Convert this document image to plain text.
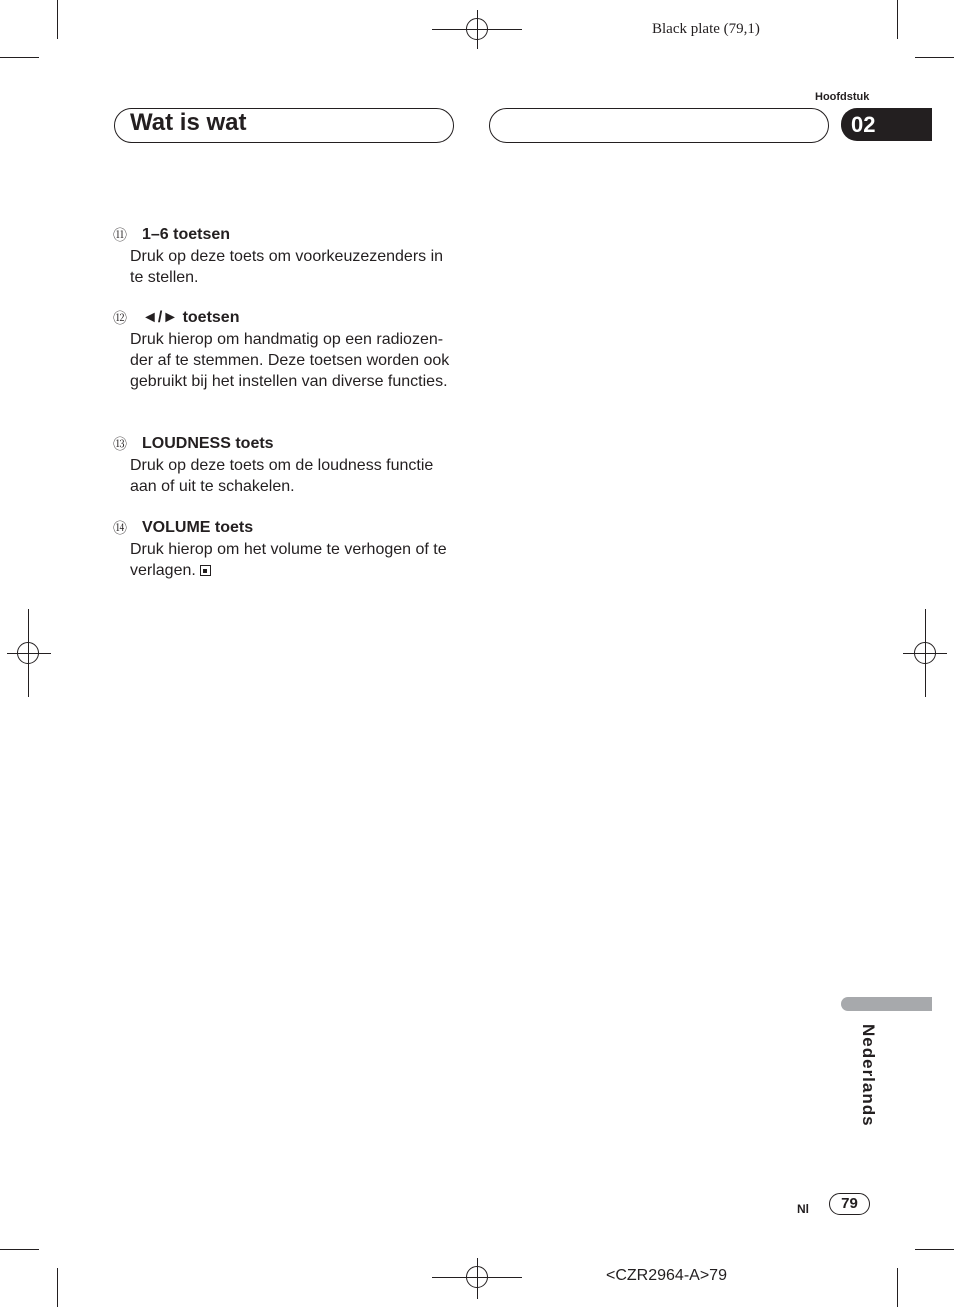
Black plate (79,1)
Wat is wat
Hoofdstuk
02
⑪ 1–6 toetsen
Druk op deze toets om voorkeuzezenders in te stellen.
⑫ ◄/► toetsen
Druk hierop om handmatig op een radiozen-der af te stemmen. Deze toetsen worden ook gebruikt bij het instellen van diverse functies.
⑬ LOUDNESS toets
Druk op deze toets om de loudness functie aan of uit te schakelen.
⑭ VOLUME toets
Druk hierop om het volume te verhogen of te verlagen.
Nederlands
Nl	79
<CZR2964-A>79
